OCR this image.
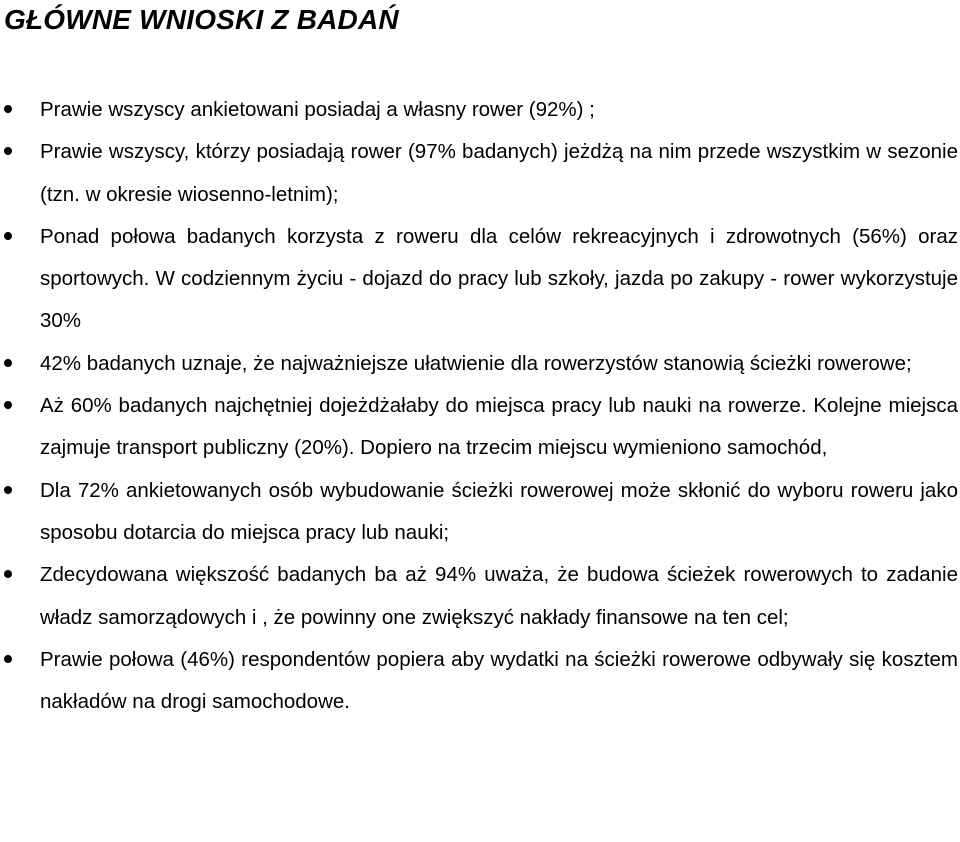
GŁÓWNE WNIOSKI Z BADAŃ
Prawie wszyscy ankietowani posiadaj a własny rower (92%) ;
Prawie wszyscy, którzy posiadają rower (97% badanych) jeżdżą na nim przede wszystkim w sezonie (tzn. w okresie wiosenno-letnim);
Ponad połowa badanych korzysta z roweru dla celów rekreacyjnych i zdrowotnych (56%) oraz sportowych. W codziennym życiu - dojazd do pracy lub szkoły, jazda po zakupy - rower wykorzystuje 30%
42% badanych uznaje, że najważniejsze ułatwienie dla rowerzystów stanowią ścieżki rowerowe;
Aż 60% badanych najchętniej dojeżdżałaby do miejsca pracy lub nauki na rowerze. Kolejne miejsca zajmuje transport publiczny (20%). Dopiero na trzecim miejscu wymieniono samochód,
Dla 72% ankietowanych osób wybudowanie ścieżki rowerowej może skłonić do wyboru roweru jako sposobu dotarcia do miejsca pracy lub nauki;
Zdecydowana większość badanych ba aż 94% uważa, że budowa ścieżek rowerowych to zadanie władz samorządowych i , że powinny one zwiększyć nakłady finansowe na ten cel;
Prawie połowa (46%) respondentów popiera aby wydatki na ścieżki rowerowe odbywały się kosztem nakładów na drogi samochodowe.
